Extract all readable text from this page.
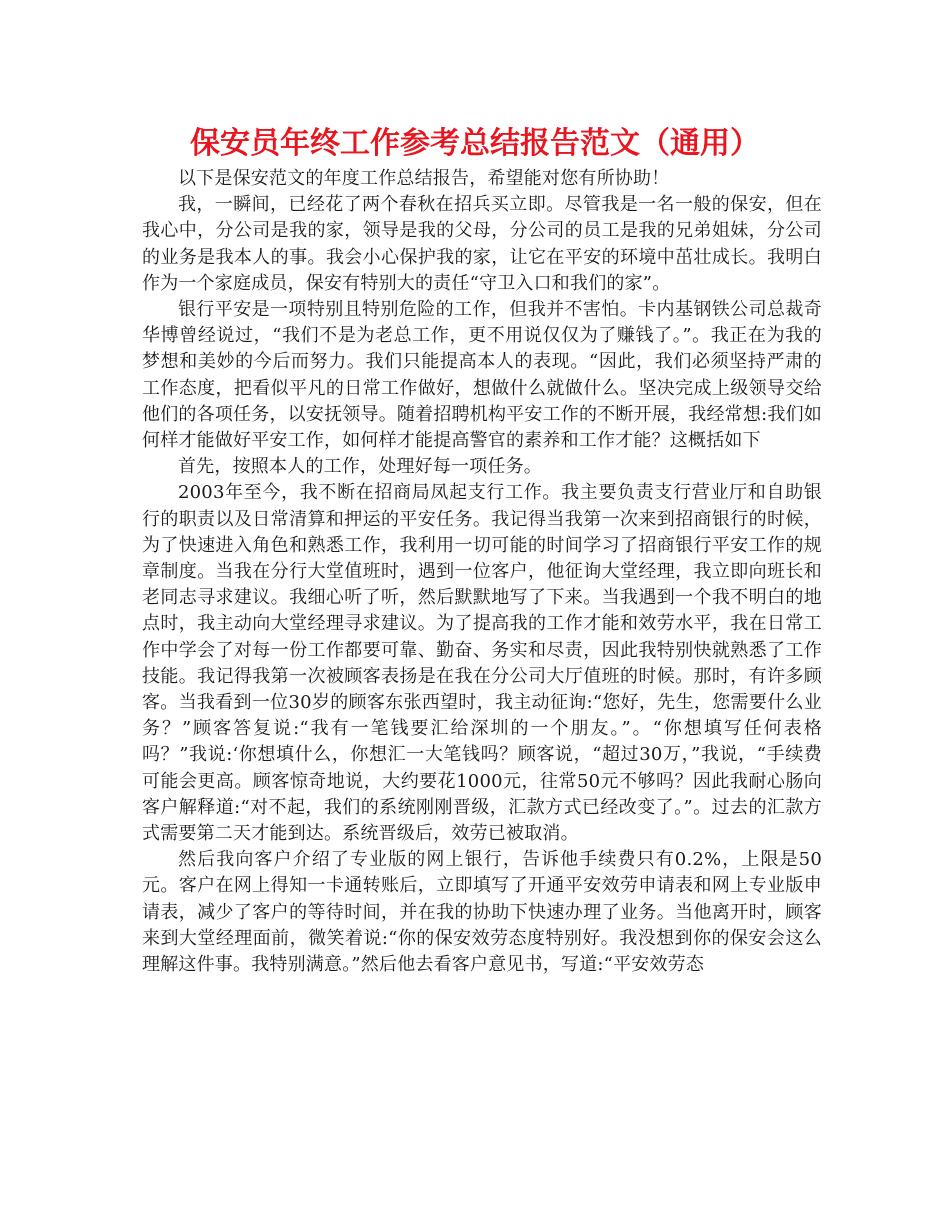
保安员年终工作参考总结报告范文（通用）

以下是保安范文的年度工作总结报告，希望能对您有所协助！

我，一瞬间，已经花了两个春秋在招兵买立即。尽管我是一名一般的保安，但在我心中，分公司是我的家，领导是我的父母，分公司的员工是我的兄弟姐妹，分公司的业务是我本人的事。我会小心保护我的家，让它在平安的环境中茁壮成长。我明白作为一个家庭成员，保安有特别大的责任“守卫入口和我们的家”。

银行平安是一项特别且特别危险的工作，但我并不害怕。卡内基钢铁公司总裁奇华博曾经说过，“我们不是为老总工作，更不用说仅仅为了赚钱了。”。我正在为我的梦想和美妙的今后而努力。我们只能提高本人的表现。“因此，我们必须坚持严肃的工作态度，把看似平凡的日常工作做好，想做什么就做什么。坚决完成上级领导交给他们的各项任务，以安抚领导。随着招聘机构平安工作的不断开展，我经常想:我们如何样才能做好平安工作，如何样才能提高警官的素养和工作才能？这概括如下

首先，按照本人的工作，处理好每一项任务。

2003年至今，我不断在招商局凤起支行工作。我主要负责支行营业厅和自助银行的职责以及日常清算和押运的平安任务。我记得当我第一次来到招商银行的时候，为了快速进入角色和熟悉工作，我利用一切可能的时间学习了招商银行平安工作的规章制度。当我在分行大堂值班时，遇到一位客户，他征询大堂经理，我立即向班长和老同志寻求建议。我细心听了听，然后默默地写了下来。当我遇到一个我不明白的地点时，我主动向大堂经理寻求建议。为了提高我的工作才能和效劳水平，我在日常工作中学会了对每一份工作都要可靠、勤奋、务实和尽责，因此我特别快就熟悉了工作技能。我记得我第一次被顾客表扬是在我在分公司大厅值班的时候。那时，有许多顾客。当我看到一位30岁的顾客东张西望时，我主动征询:“您好，先生，您需要什么业务？”顾客答复说:“我有一笔钱要汇给深圳的一个朋友。”。“你想填写任何表格吗？”我说:‘你想填什么，你想汇一大笔钱吗？顾客说，“超过30万，”我说，“手续费可能会更高。顾客惊奇地说，大约要花1000元，往常50元不够吗？因此我耐心肠向客户解释道:“对不起，我们的系统刚刚晋级，汇款方式已经改变了。”。过去的汇款方式需要第二天才能到达。系统晋级后，效劳已被取消。

然后我向客户介绍了专业版的网上银行，告诉他手续费只有0.2%，上限是50元。客户在网上得知一卡通转账后，立即填写了开通平安效劳申请表和网上专业版申请表，减少了客户的等待时间，并在我的协助下快速办理了业务。当他离开时，顾客来到大堂经理面前，微笑着说:“你的保安效劳态度特别好。我没想到你的保安会这么理解这件事。我特别满意。”然后他去看客户意见书，写道:“平安效劳态
